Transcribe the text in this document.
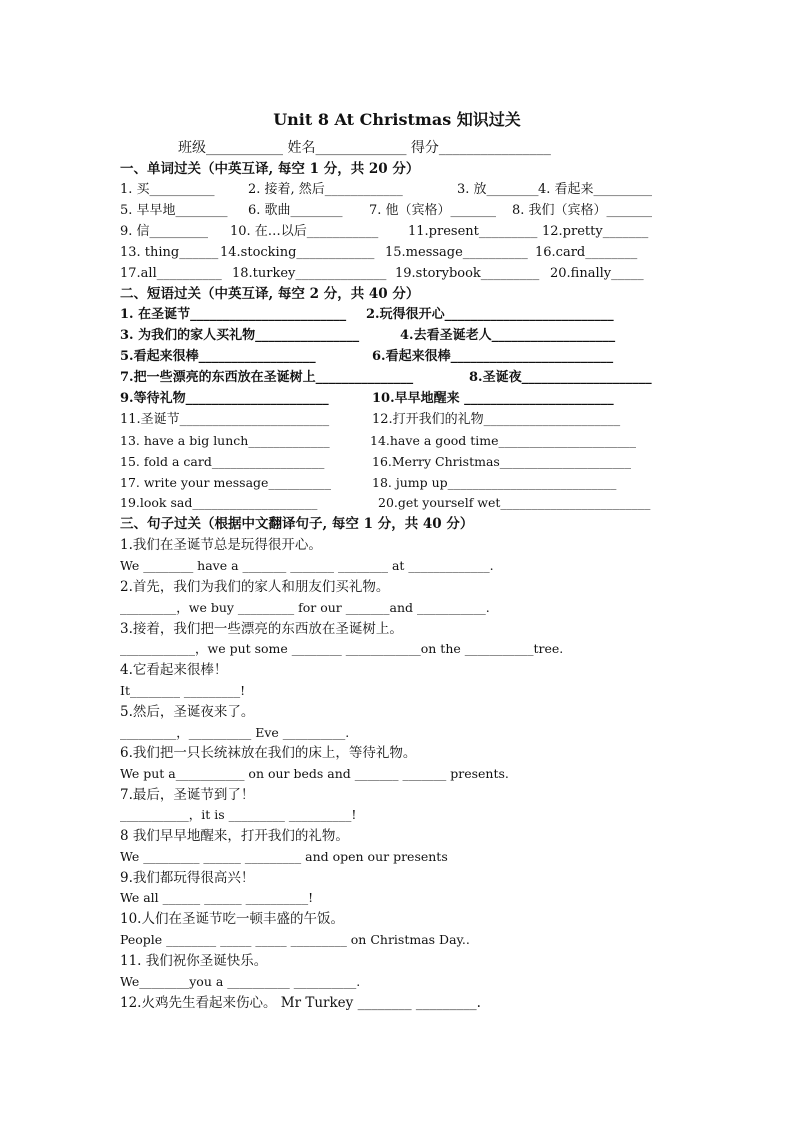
Unit 8 At Christmas 知识过关
班级___________ 姓名_____________ 得分________________
一、单词过关（中英互译, 每空 1 分，共 20 分）
1. 买__________	2. 接着, 然后____________	3. 放________ 4. 看起来_________
5. 早早地________ 6. 歌曲________ 7. 他（宾格）_______ 8. 我们（宾格）_______
9. 信_________ 10. 在…以后___________ 11.present_________ 12.pretty_______
13. thing______ 14.stocking____________ 15.message__________ 16.card________
17.all__________ 18.turkey______________ 19.storybook_________ 20.finally_____
二、短语过关（中英互译, 每空 2 分，共 40 分）
1. 在圣诞节________________________ 2.玩得很开心__________________________
3. 为我们的家人买礼物________________	4.去看圣诞老人___________________
5.看起来很棒__________________	6.看起来很棒_________________________
7.把一些漂亮的东西放在圣诞树上_______________	8.圣诞夜____________________
9.等待礼物______________________	10.早早地醒来 _______________________
11.圣诞节_______________________	12.打开我们的礼物_____________________
13. have a big lunch_____________	14.have a good time______________________
15. fold a card__________________	16.Merry Christmas_____________________
17. write your message__________	18. jump up___________________________
19.look sad____________________	20.get yourself wet________________________
三、句子过关（根据中文翻译句子, 每空 1 分，共 40 分）
1.我们在圣诞节总是玩得很开心。
We ________ have a _______ _______ ________ at _____________.
2.首先，我们为我们的家人和朋友们买礼物。
_________，we buy _________ for our _______and ___________.
3.接着，我们把一些漂亮的东西放在圣诞树上。
____________，we put some ________ ____________on the ___________tree.
4.它看起来很棒！
It________ _________!
5.然后，圣诞夜来了。
_________，__________ Eve __________.
6.我们把一只长统袜放在我们的床上，等待礼物。
We put a___________ on our beds and _______ _______ presents.
7.最后，圣诞节到了！
___________，it is _________ __________!
8 我们早早地醒来，打开我们的礼物。
We _________ ______ _________ and open our presents
9.我们都玩得很高兴！
We all ______ ______ __________!
10.人们在圣诞节吃一顿丰盛的午饭。
People ________ _____ _____ _________ on Christmas Day..
11. 我们祝你圣诞快乐。
We________you a __________ __________.
12.火鸡先生看起来伤心。 Mr Turkey ________ _________.
